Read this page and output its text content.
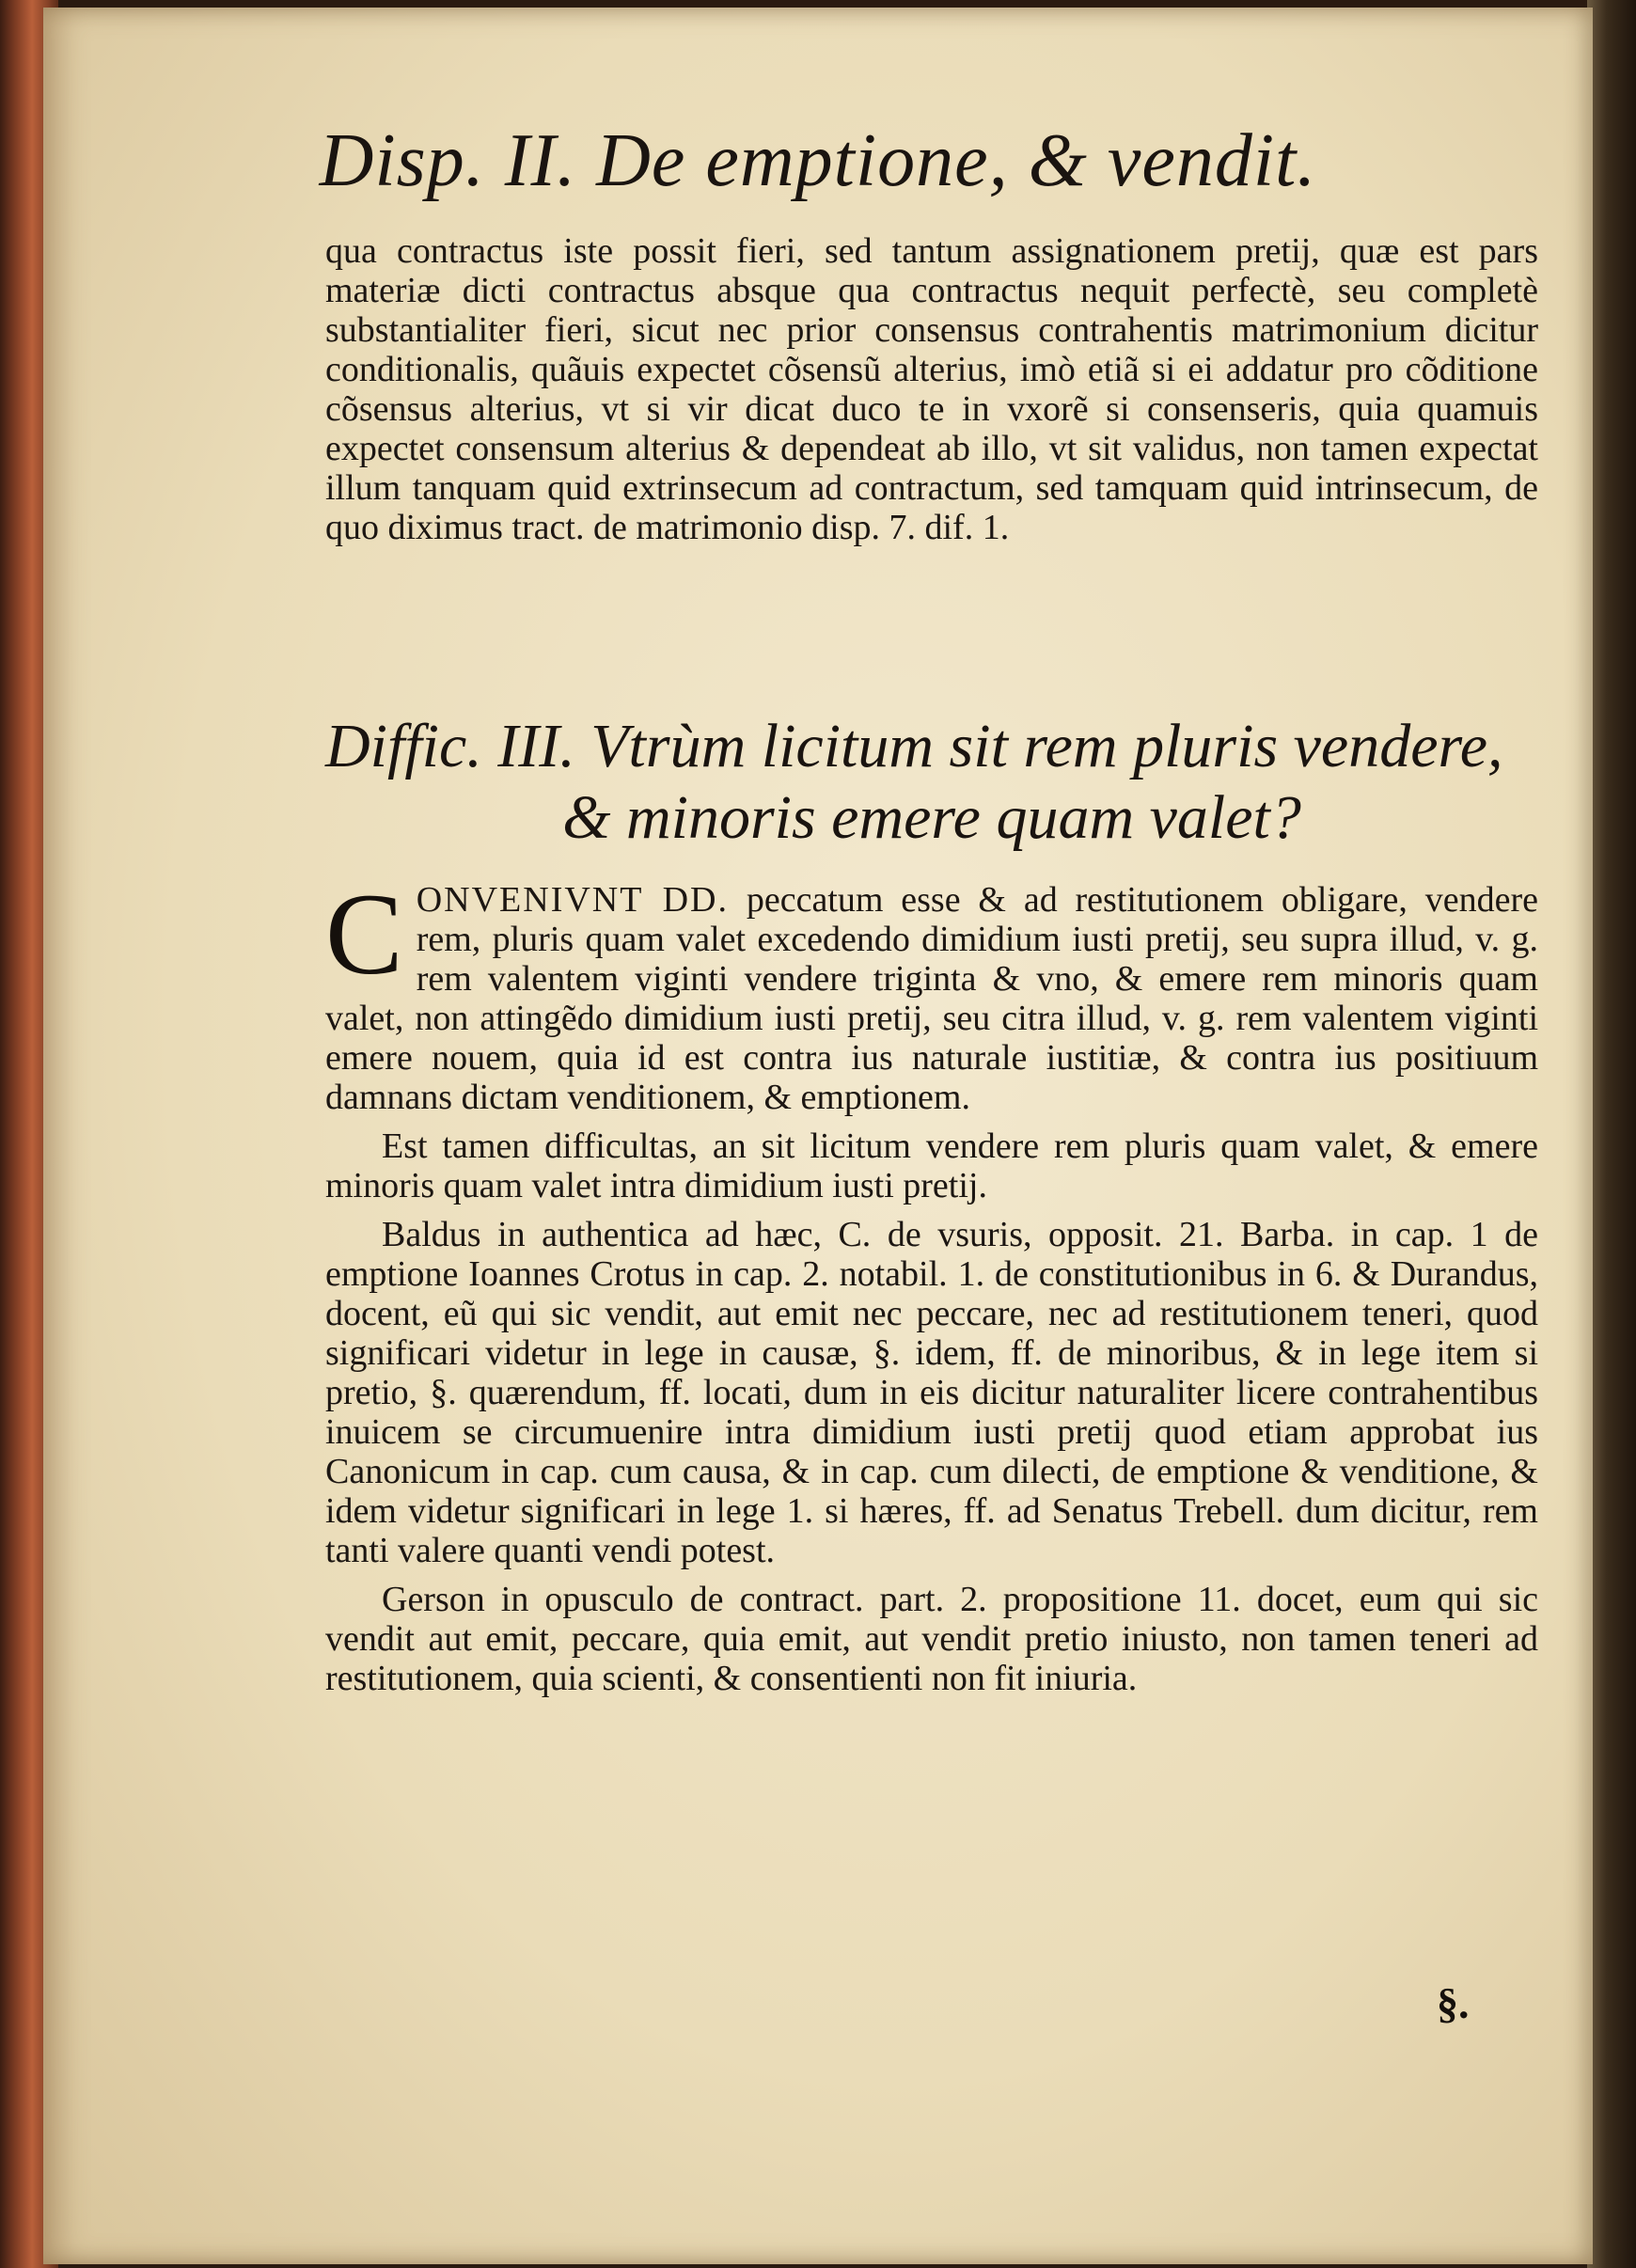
Disp. II. De emptione, & vendit.

qua contractus iste possit fieri, sed tantum assignationem pretij, quæ est pars materiæ dicti contractus absque qua contractus nequit perfectè, seu completè substantialiter fieri, sicut nec prior consensus contrahentis matrimonium dicitur conditionalis, quãuis expectet cõsensũ alterius, imò etiã si ei addatur pro cõditione cõsensus alterius, vt si vir dicat duco te in vxorẽ si consenseris, quia quamuis expectet consensum alterius & dependeat ab illo, vt sit validus, non tamen expectat illum tanquam quid extrinsecum ad contractum, sed tamquam quid intrinsecum, de quo diximus tract. de matrimonio disp. 7. dif. 1.

Diffic. III. Vtrùm licitum sit rem pluris vendere,
& minoris emere quam valet?

CONVENIVNT DD. peccatum esse & ad restitutionem obligare, vendere rem, pluris quam valet excedendo dimidium iusti pretij, seu supra illud, v. g. rem valentem viginti vendere triginta & vno, & emere rem minoris quam valet, non attingẽdo dimidium iusti pretij, seu citra illud, v. g. rem valentem viginti emere nouem, quia id est contra ius naturale iustitiæ, & contra ius positiuum damnans dictam venditionem, & emptionem.

Est tamen difficultas, an sit licitum vendere rem pluris quam valet, & emere minoris quam valet intra dimidium iusti pretij.

Baldus in authentica ad hæc, C. de vsuris, opposit. 21. Barba. in cap. 1 de emptione Ioannes Crotus in cap. 2. notabil. 1. de constitutionibus in 6. & Durandus, docent, eũ qui sic vendit, aut emit nec peccare, nec ad restitutionem teneri, quod significari videtur in lege in causæ, §. idem, ff. de minoribus, & in lege item si pretio, §. quærendum, ff. locati, dum in eis dicitur naturaliter licere contrahentibus inuicem se circumuenire intra dimidium iusti pretij quod etiam approbat ius Canonicum in cap. cum causa, & in cap. cum dilecti, de emptione & venditione, & idem videtur significari in lege 1. si hæres, ff. ad Senatus Trebell. dum dicitur, rem tanti valere quanti vendi potest.

Gerson in opusculo de contract. part. 2. propositione 11. docet, eum qui sic vendit aut emit, peccare, quia emit, aut vendit pretio iniusto, non tamen teneri ad restitutionem, quia scienti, & consentienti non fit iniuria.

§.
